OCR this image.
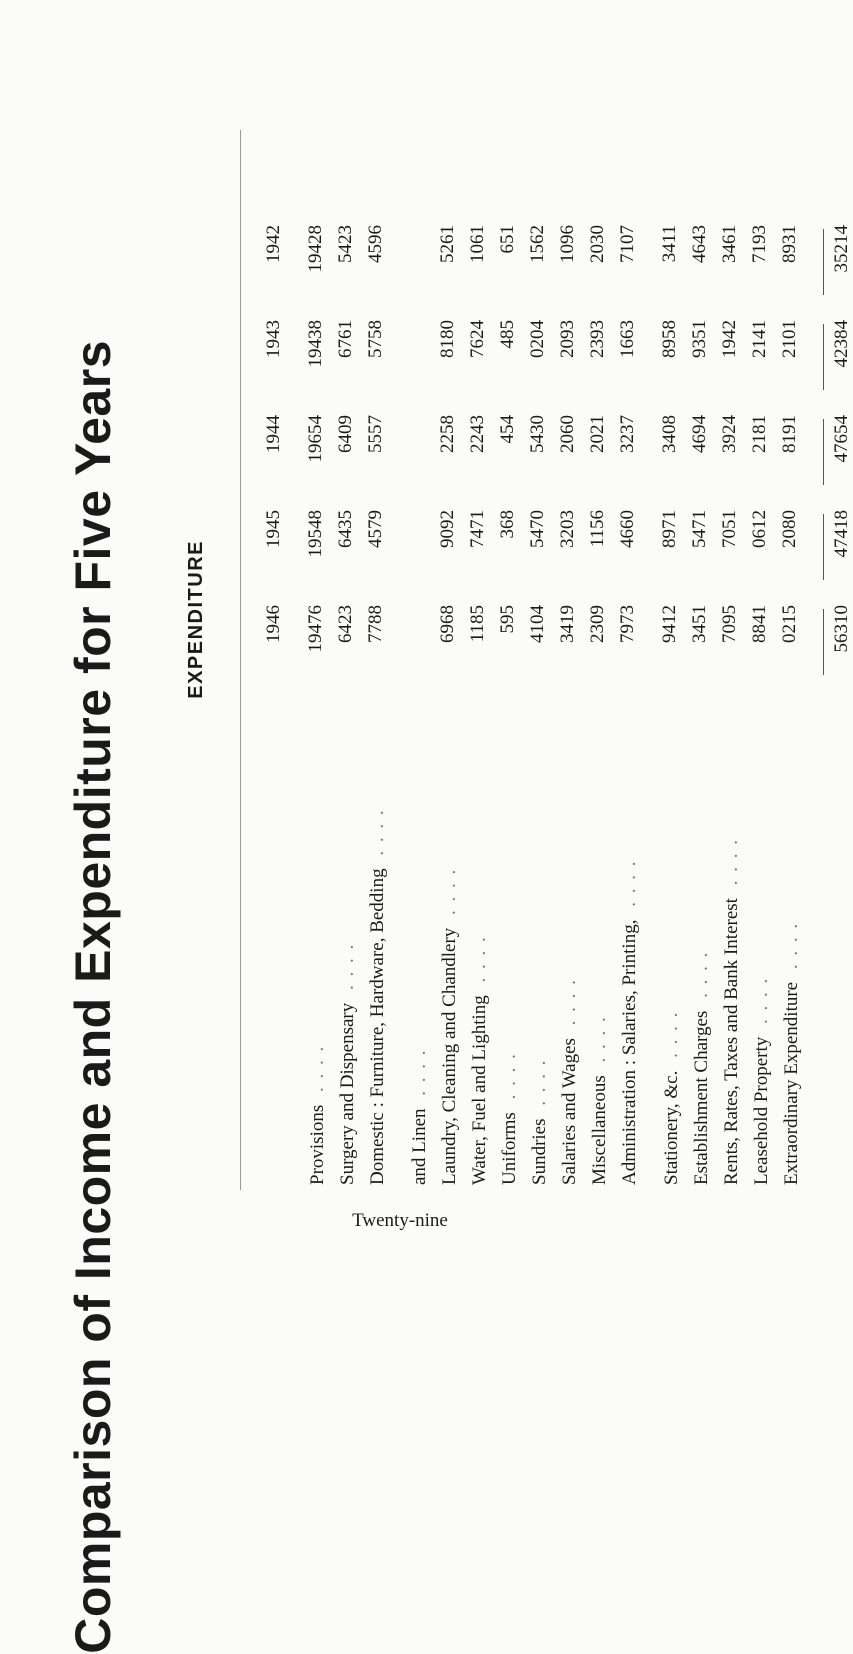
Comparison of Income and Expenditure for Five Years	EXPENDITURE	1946
1945
1944
1943
1942
Provisions . . . .
19476
19548
19654
19438
19428
Surgery and Dispensary . . . .
6423
6435
6409
6761
5423
Domestic : Furniture, Hardware, Bedding . . . .
7788
4579
5557
5758
4596
and Linen . . . . Laundry, Cleaning and Chandlery . . . .
6968
9092
2258
8180
5261
Water, Fuel and Lighting . . . .
1185
7471
2243
7624
1061
Uniforms . . . .
595
368
454
485
651
Sundries . . . .
4104
5470
5430
0204
1562
Salaries and Wages . . . .
3419
3203
2060
2093
1096
Miscellaneous . . . .
2309
1156
2021
2393
2030
Administration : Salaries, Printing, . . . .
7973
4660
3237
1663
7107
Stationery, &c. . . . .
9412
8971
3408
8958
3411
Establishment Charges . . . .
3451
5471
4694
9351
4643
Rents, Rates, Taxes and Bank Interest . . . .
7095
7051
3924
1942
3461
Leasehold Property . . . .
8841
0612
2181
2141
7193
Extraordinary Expenditure . . . .
0215
2080
8191
2101
8931
56310
47418
47654
42384
35214
Twenty-nine
